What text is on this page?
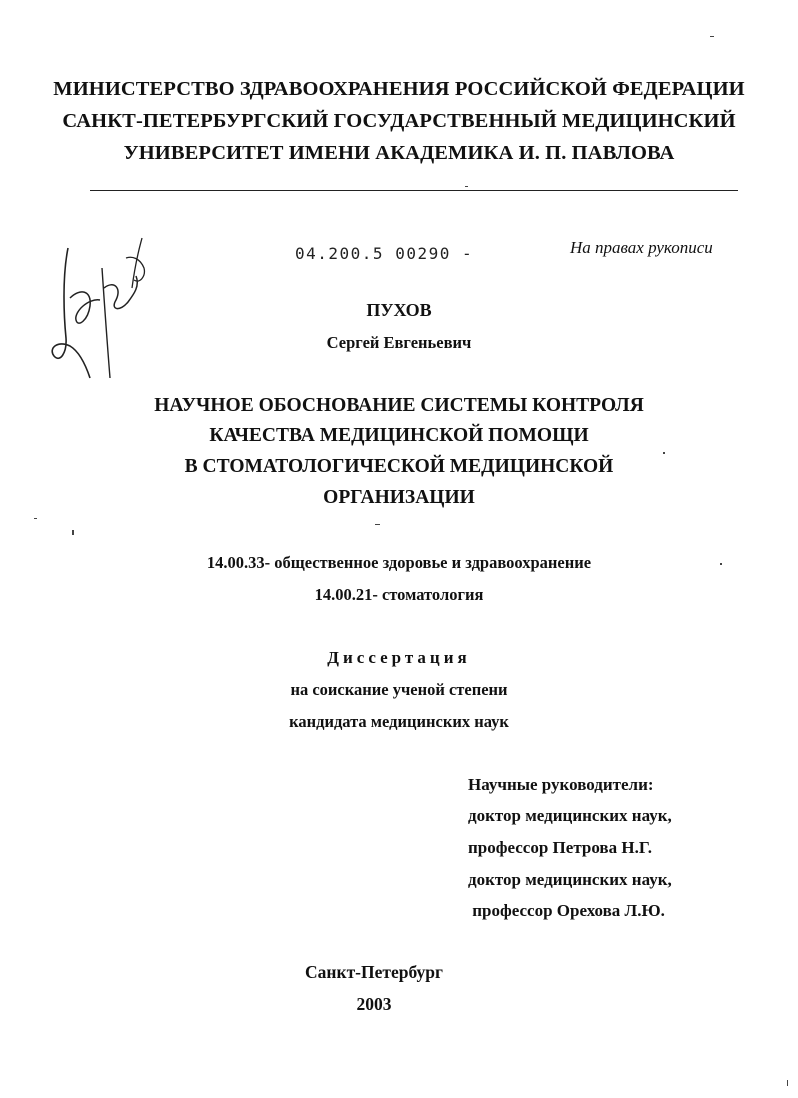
МИНИСТЕРСТВО ЗДРАВООХРАНЕНИЯ РОССИЙСКОЙ ФЕДЕРАЦИИ
САНКТ-ПЕТЕРБУРГСКИЙ ГОСУДАРСТВЕННЫЙ МЕДИЦИНСКИЙ
УНИВЕРСИТЕТ ИМЕНИ АКАДЕМИКА И. П. ПАВЛОВА
04.200.5 00290 -	На правах рукописи
ПУХОВ
Сергей Евгеньевич
НАУЧНОЕ ОБОСНОВАНИЕ СИСТЕМЫ КОНТРОЛЯ
КАЧЕСТВА МЕДИЦИНСКОЙ ПОМОЩИ
В СТОМАТОЛОГИЧЕСКОЙ МЕДИЦИНСКОЙ
ОРГАНИЗАЦИИ
14.00.33- общественное здоровье и здравоохранение
14.00.21- стоматология
Диссертация
на соискание ученой степени
кандидата медицинских наук
Научные руководители:
доктор медицинских наук,
профессор Петрова Н.Г.
доктор медицинских наук,
профессор Орехова Л.Ю.
Санкт-Петербург
2003
